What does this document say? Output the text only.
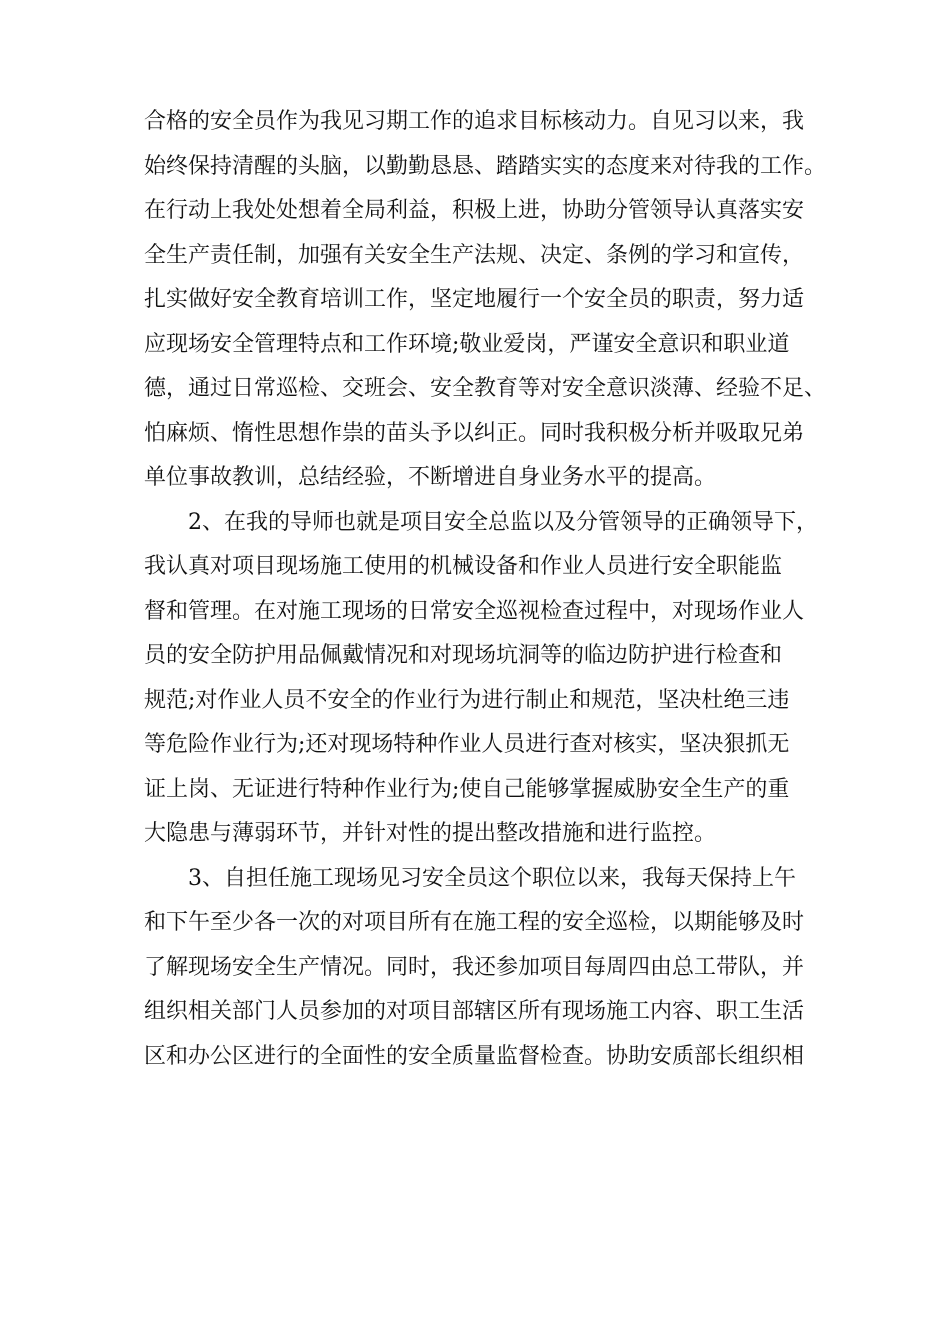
合格的安全员作为我见习期工作的追求目标核动力。自见习以来，我
始终保持清醒的头脑，以勤勤恳恳、踏踏实实的态度来对待我的工作。
在行动上我处处想着全局利益，积极上进，协助分管领导认真落实安
全生产责任制，加强有关安全生产法规、决定、条例的学习和宣传，
扎实做好安全教育培训工作，坚定地履行一个安全员的职责，努力适
应现场安全管理特点和工作环境;敬业爱岗，严谨安全意识和职业道
德，通过日常巡检、交班会、安全教育等对安全意识淡薄、经验不足、
怕麻烦、惰性思想作祟的苗头予以纠正。同时我积极分析并吸取兄弟
单位事故教训，总结经验，不断增进自身业务水平的提高。
2、在我的导师也就是项目安全总监以及分管领导的正确领导下，
我认真对项目现场施工使用的机械设备和作业人员进行安全职能监
督和管理。在对施工现场的日常安全巡视检查过程中，对现场作业人
员的安全防护用品佩戴情况和对现场坑洞等的临边防护进行检查和
规范;对作业人员不安全的作业行为进行制止和规范，坚决杜绝三违
等危险作业行为;还对现场特种作业人员进行查对核实，坚决狠抓无
证上岗、无证进行特种作业行为;使自己能够掌握威胁安全生产的重
大隐患与薄弱环节，并针对性的提出整改措施和进行监控。
3、自担任施工现场见习安全员这个职位以来，我每天保持上午
和下午至少各一次的对项目所有在施工程的安全巡检，以期能够及时
了解现场安全生产情况。同时，我还参加项目每周四由总工带队，并
组织相关部门人员参加的对项目部辖区所有现场施工内容、职工生活
区和办公区进行的全面性的安全质量监督检查。协助安质部长组织相
